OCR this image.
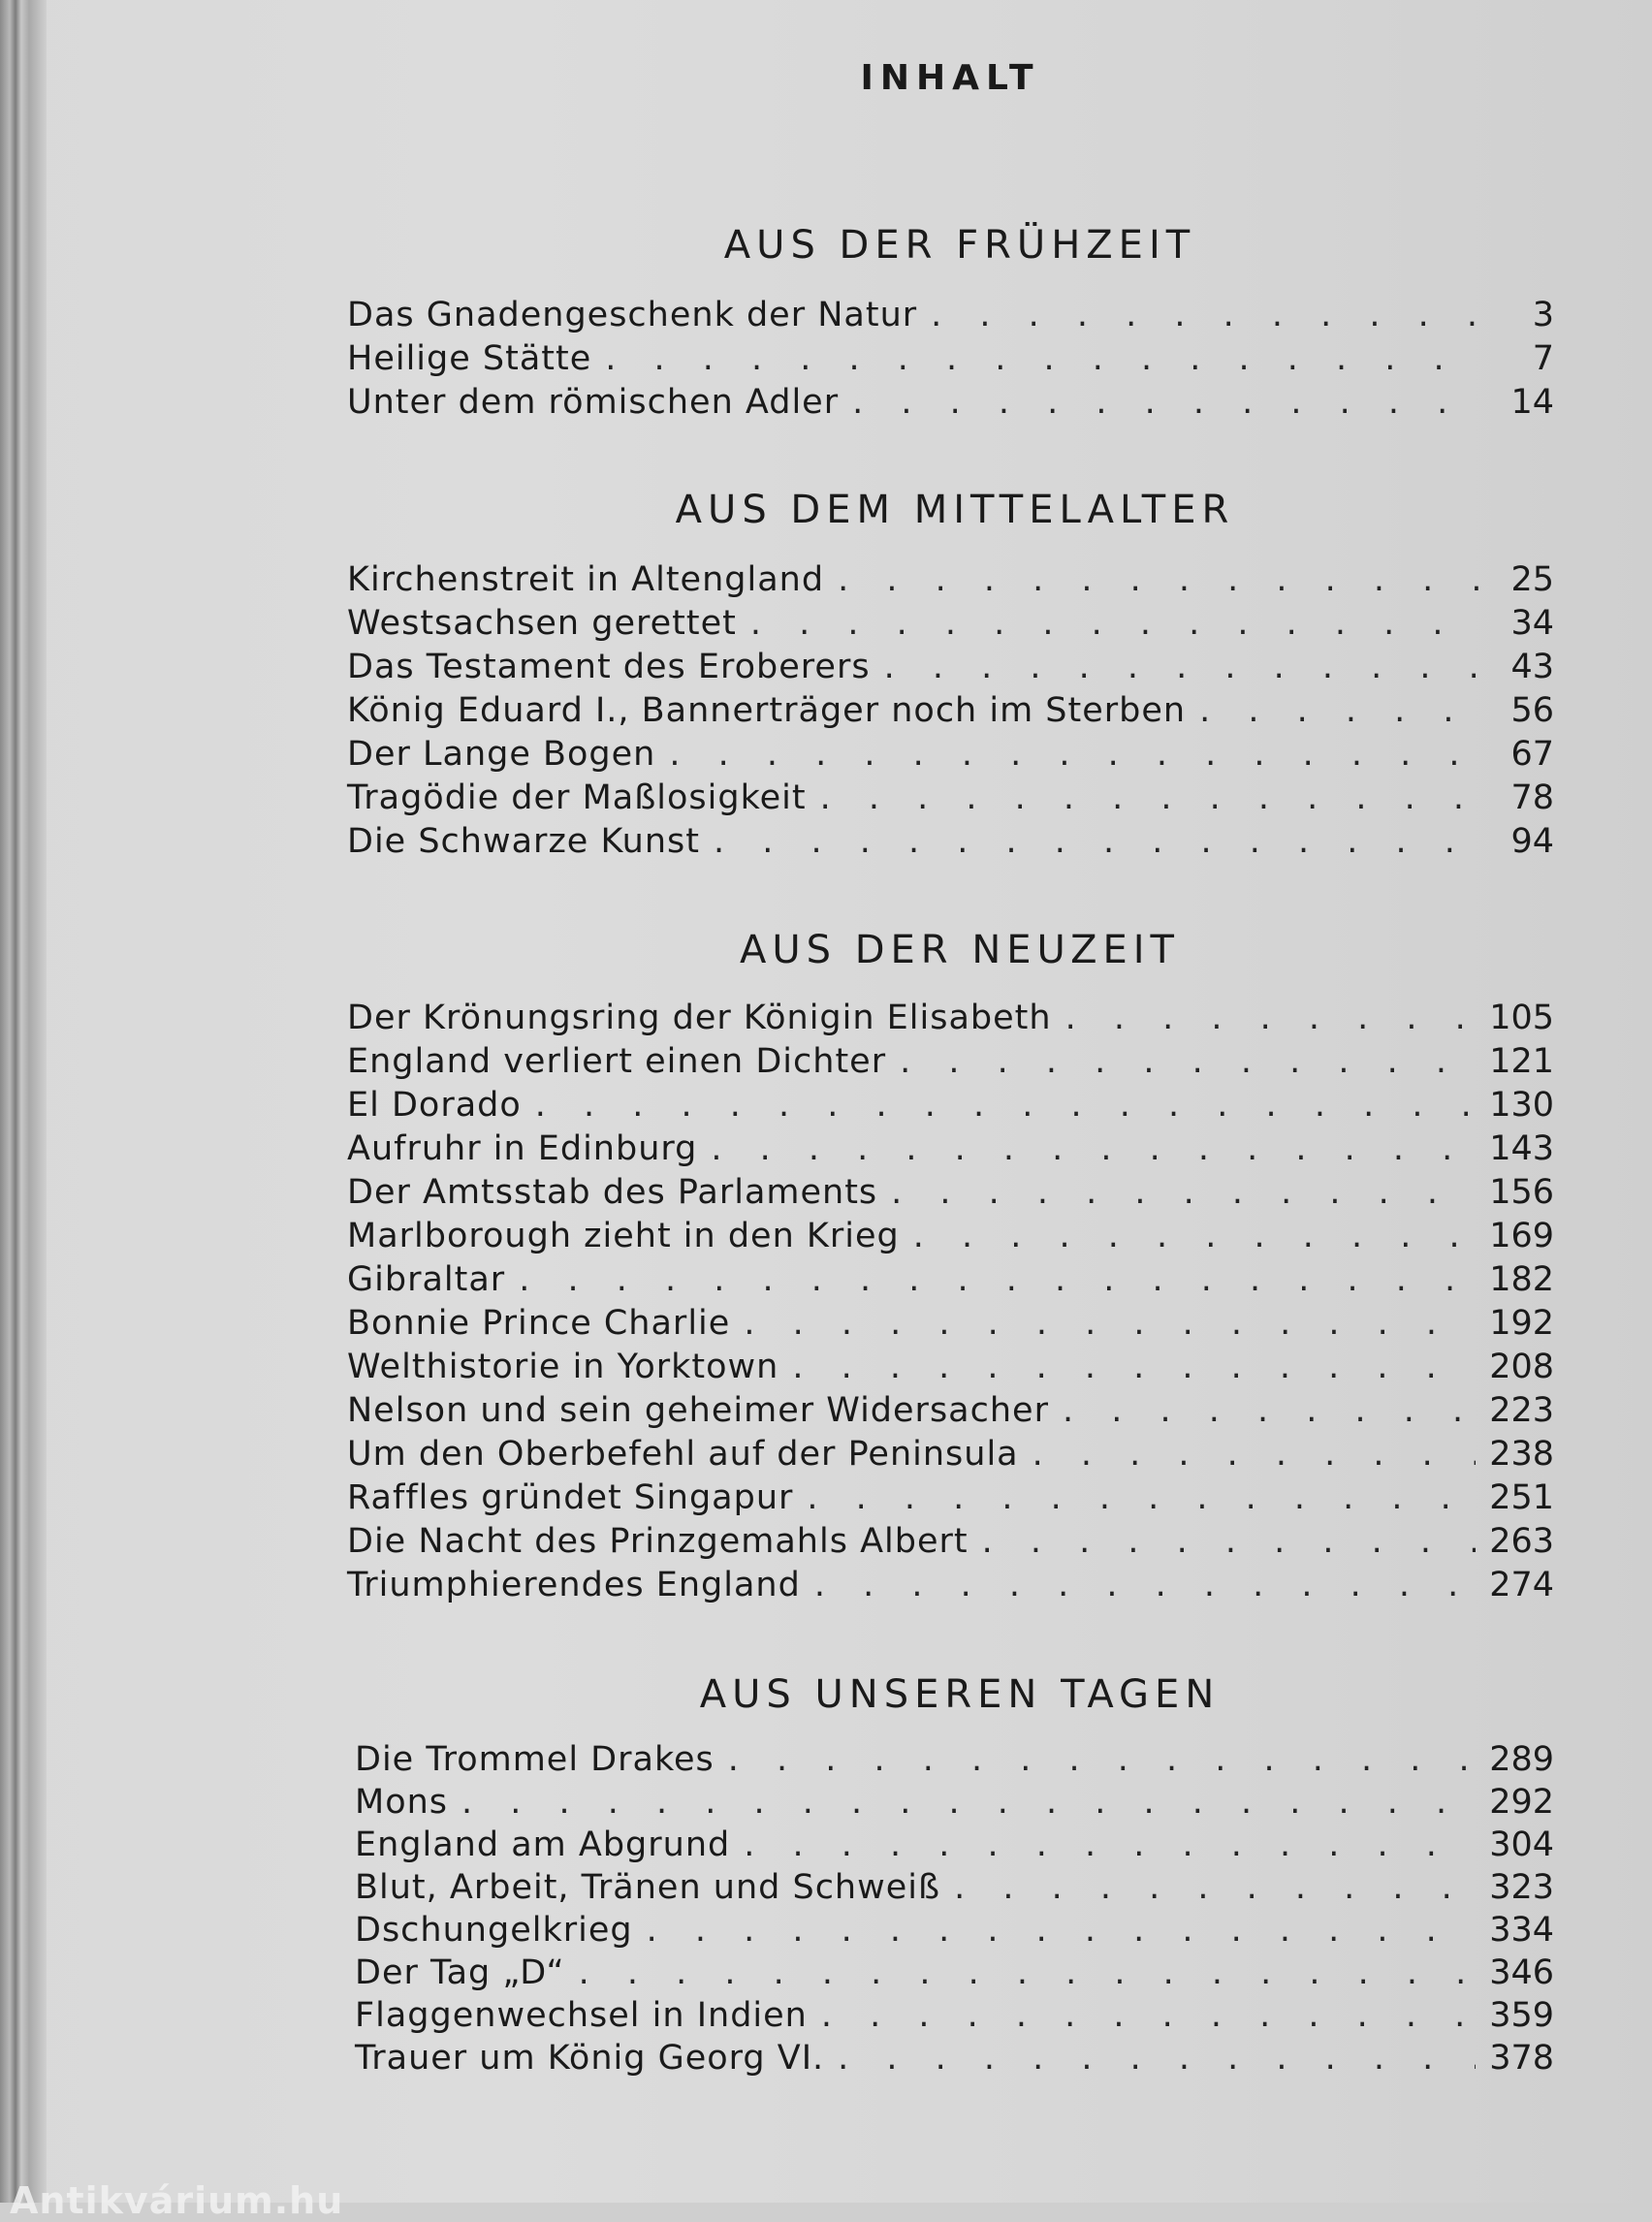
INHALT
AUS DER FRÜHZEIT
Das Gnadengeschenk der Natur . . .	3
Heilige Stätte . . .	7
Unter dem römischen Adler . . .	14
AUS DEM MITTELALTER
Kirchenstreit in Altengland . . .	25
Westsachsen gerettet . . .	34
Das Testament des Eroberers . . .	43
König Eduard I., Bannerträger noch im Sterben . . .	56
Der Lange Bogen . . .	67
Tragödie der Maßlosigkeit . . .	78
Die Schwarze Kunst . . .	94
AUS DER NEUZEIT
Der Krönungsring der Königin Elisabeth . . .	105
England verliert einen Dichter . . .	121
El Dorado . . .	130
Aufruhr in Edinburg . . .	143
Der Amtsstab des Parlaments . . .	156
Marlborough zieht in den Krieg . . .	169
Gibraltar . . .	182
Bonnie Prince Charlie . . .	192
Welthistorie in Yorktown . . .	208
Nelson und sein geheimer Widersacher . . .	223
Um den Oberbefehl auf der Peninsula . . .	238
Raffles gründet Singapur . . .	251
Die Nacht des Prinzgemahls Albert . . .	263
Triumphierendes England . . .	274
AUS UNSEREN TAGEN
Die Trommel Drakes . . .	289
Mons . . .	292
England am Abgrund . . .	304
Blut, Arbeit, Tränen und Schweiß . . .	323
Dschungelkrieg . . .	334
Der Tag „D“ . . .	346
Flaggenwechsel in Indien . . .	359
Trauer um König Georg VI. . . .	378
Antikvárium.hu
